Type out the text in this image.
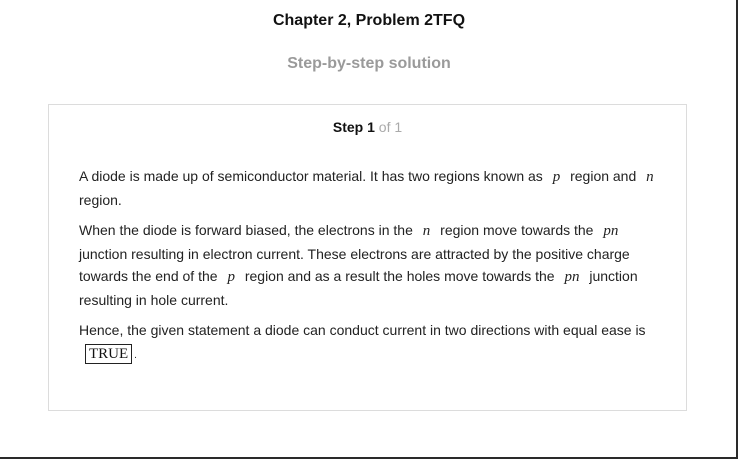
Chapter 2, Problem 2TFQ
Step-by-step solution
Step 1 of 1

A diode is made up of semiconductor material. It has two regions known as p region and n region.

When the diode is forward biased, the electrons in the n region move towards the pn junction resulting in electron current. These electrons are attracted by the positive charge towards the end of the p region and as a result the holes move towards the pn junction resulting in hole current.

Hence, the given statement a diode can conduct current in two directions with equal ease is TRUE .
